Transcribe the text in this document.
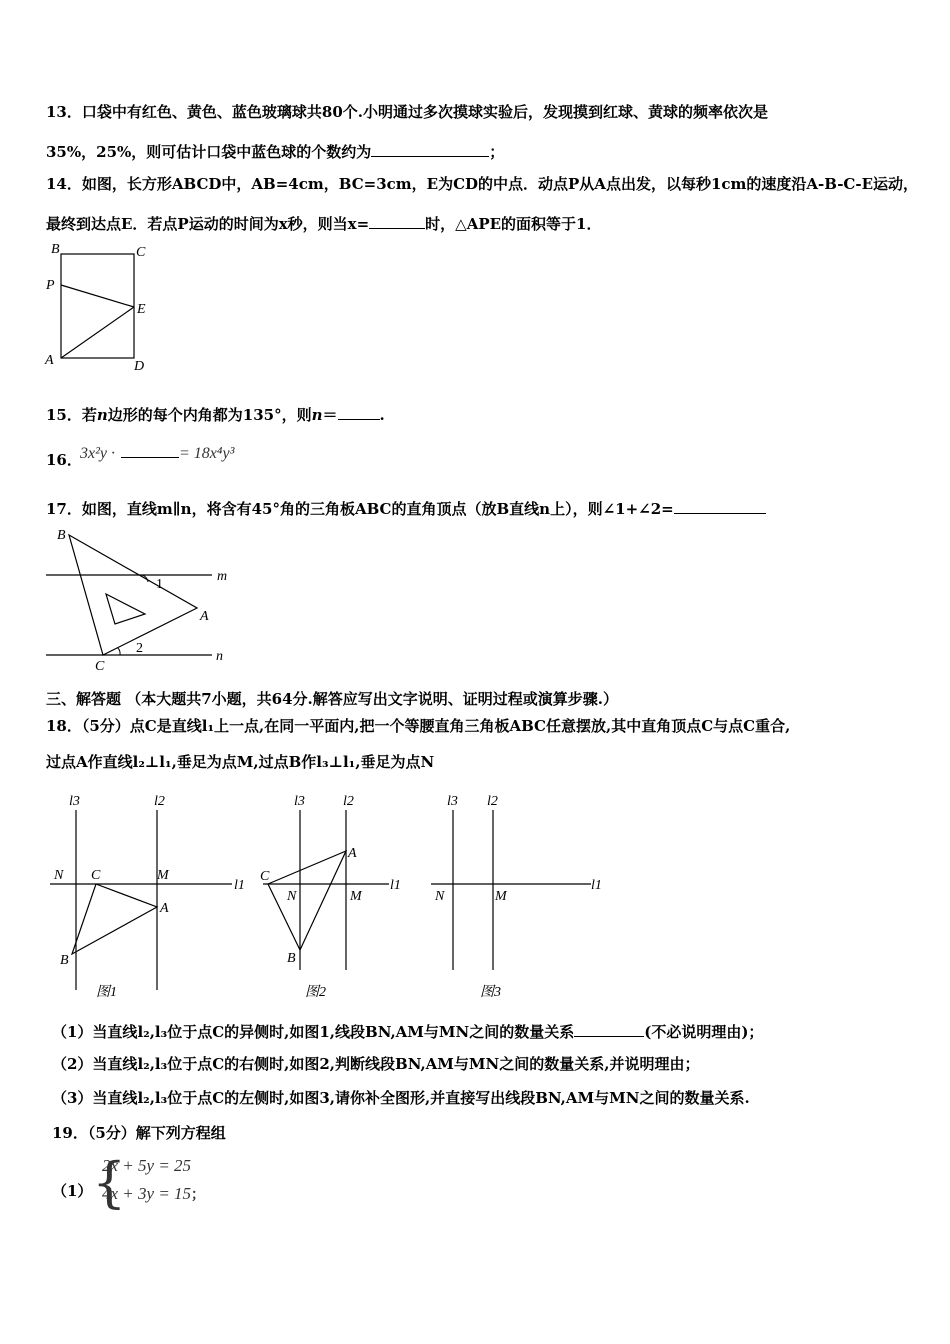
13．口袋中有红色、黄色、蓝色玻璃球共80个.小明通过多次摸球实验后，发现摸到红球、黄球的频率依次是
35%，25%，则可估计口袋中蓝色球的个数约为	；
14．如图，长方形ABCD中，AB=4cm，BC=3cm，E为CD的中点．动点P从A点出发，以每秒1cm的速度沿A-B-C-E运动，
最终到达点E．若点P运动的时间为x秒，则当x=	时，△APE的面积等于1．
B	C
P
E
A	D
15．若n边形的每个内角都为135°，则n＝	.
16．
3x²y ·	= 18x⁴y³
17．如图，直线m∥n，将含有45°角的三角板ABC的直角顶点（放B直线n上），则∠1+∠2=
B
m
1
A
2
C
n
三、解答题 （本大题共7小题，共64分.解答应写出文字说明、证明过程或演算步骤.）
18．（5分）点C是直线l₁上一点,在同一平面内,把一个等腰直角三角板ABC任意摆放,其中直角顶点C与点C重合,
过点A作直线l₂⊥l₁,垂足为点M,过点B作l₃⊥l₁,垂足为点N
l3	l2
N C	M
l1
A
B
图1
l3	l2
A
C
N	M
l1
B
图2
l3 l2
N	M
l1
图3
（1）当直线l₂,l₃位于点C的异侧时,如图1,线段BN,AM与MN之间的数量关系	(不必说明理由)；
（2）当直线l₂,l₃位于点C的右侧时,如图2,判断线段BN,AM与MN之间的数量关系,并说明理由；
（3）当直线l₂,l₃位于点C的左侧时,如图3,请你补全图形,并直接写出线段BN,AM与MN之间的数量关系.
19．（5分）解下列方程组
（1） {
2x + 5y = 25
4x + 3y = 15；
